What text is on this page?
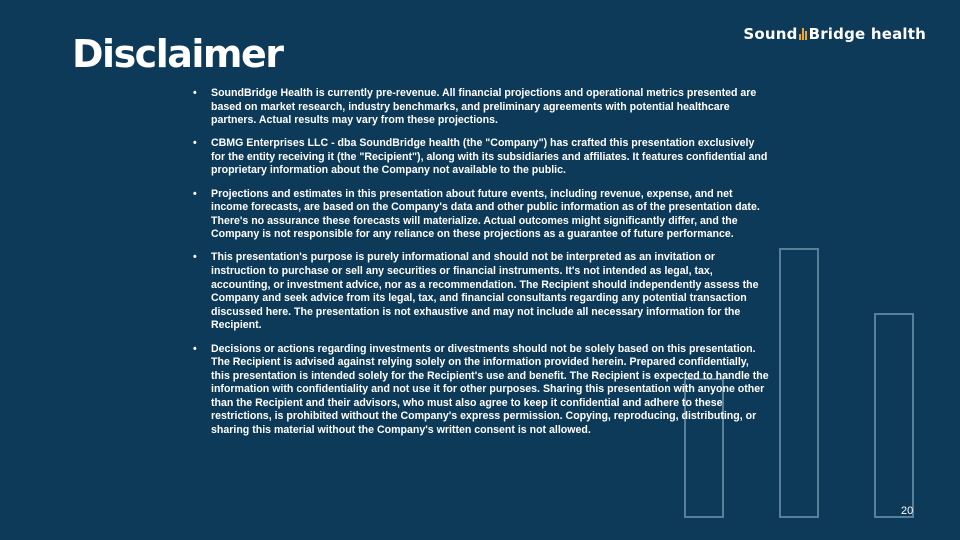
Sound Bridge health
Disclaimer
• SoundBridge Health is currently pre-revenue. All financial projections and operational metrics presented are based on market research, industry benchmarks, and preliminary agreements with potential healthcare partners. Actual results may vary from these projections.
• CBMG Enterprises LLC - dba SoundBridge health (the "Company") has crafted this presentation exclusively for the entity receiving it (the "Recipient"), along with its subsidiaries and affiliates. It features confidential and proprietary information about the Company not available to the public.
• Projections and estimates in this presentation about future events, including revenue, expense, and net income forecasts, are based on the Company's data and other public information as of the presentation date. There's no assurance these forecasts will materialize. Actual outcomes might significantly differ, and the Company is not responsible for any reliance on these projections as a guarantee of future performance.
• This presentation's purpose is purely informational and should not be interpreted as an invitation or instruction to purchase or sell any securities or financial instruments. It's not intended as legal, tax, accounting, or investment advice, nor as a recommendation. The Recipient should independently assess the Company and seek advice from its legal, tax, and financial consultants regarding any potential transaction discussed here. The presentation is not exhaustive and may not include all necessary information for the Recipient.
• Decisions or actions regarding investments or divestments should not be solely based on this presentation. The Recipient is advised against relying solely on the information provided herein. Prepared confidentially, this presentation is intended solely for the Recipient's use and benefit. The Recipient is expected to handle the information with confidentiality and not use it for other purposes. Sharing this presentation with anyone other than the Recipient and their advisors, who must also agree to keep it confidential and adhere to these restrictions, is prohibited without the Company's express permission. Copying, reproducing, distributing, or sharing this material without the Company's written consent is not allowed.
20
